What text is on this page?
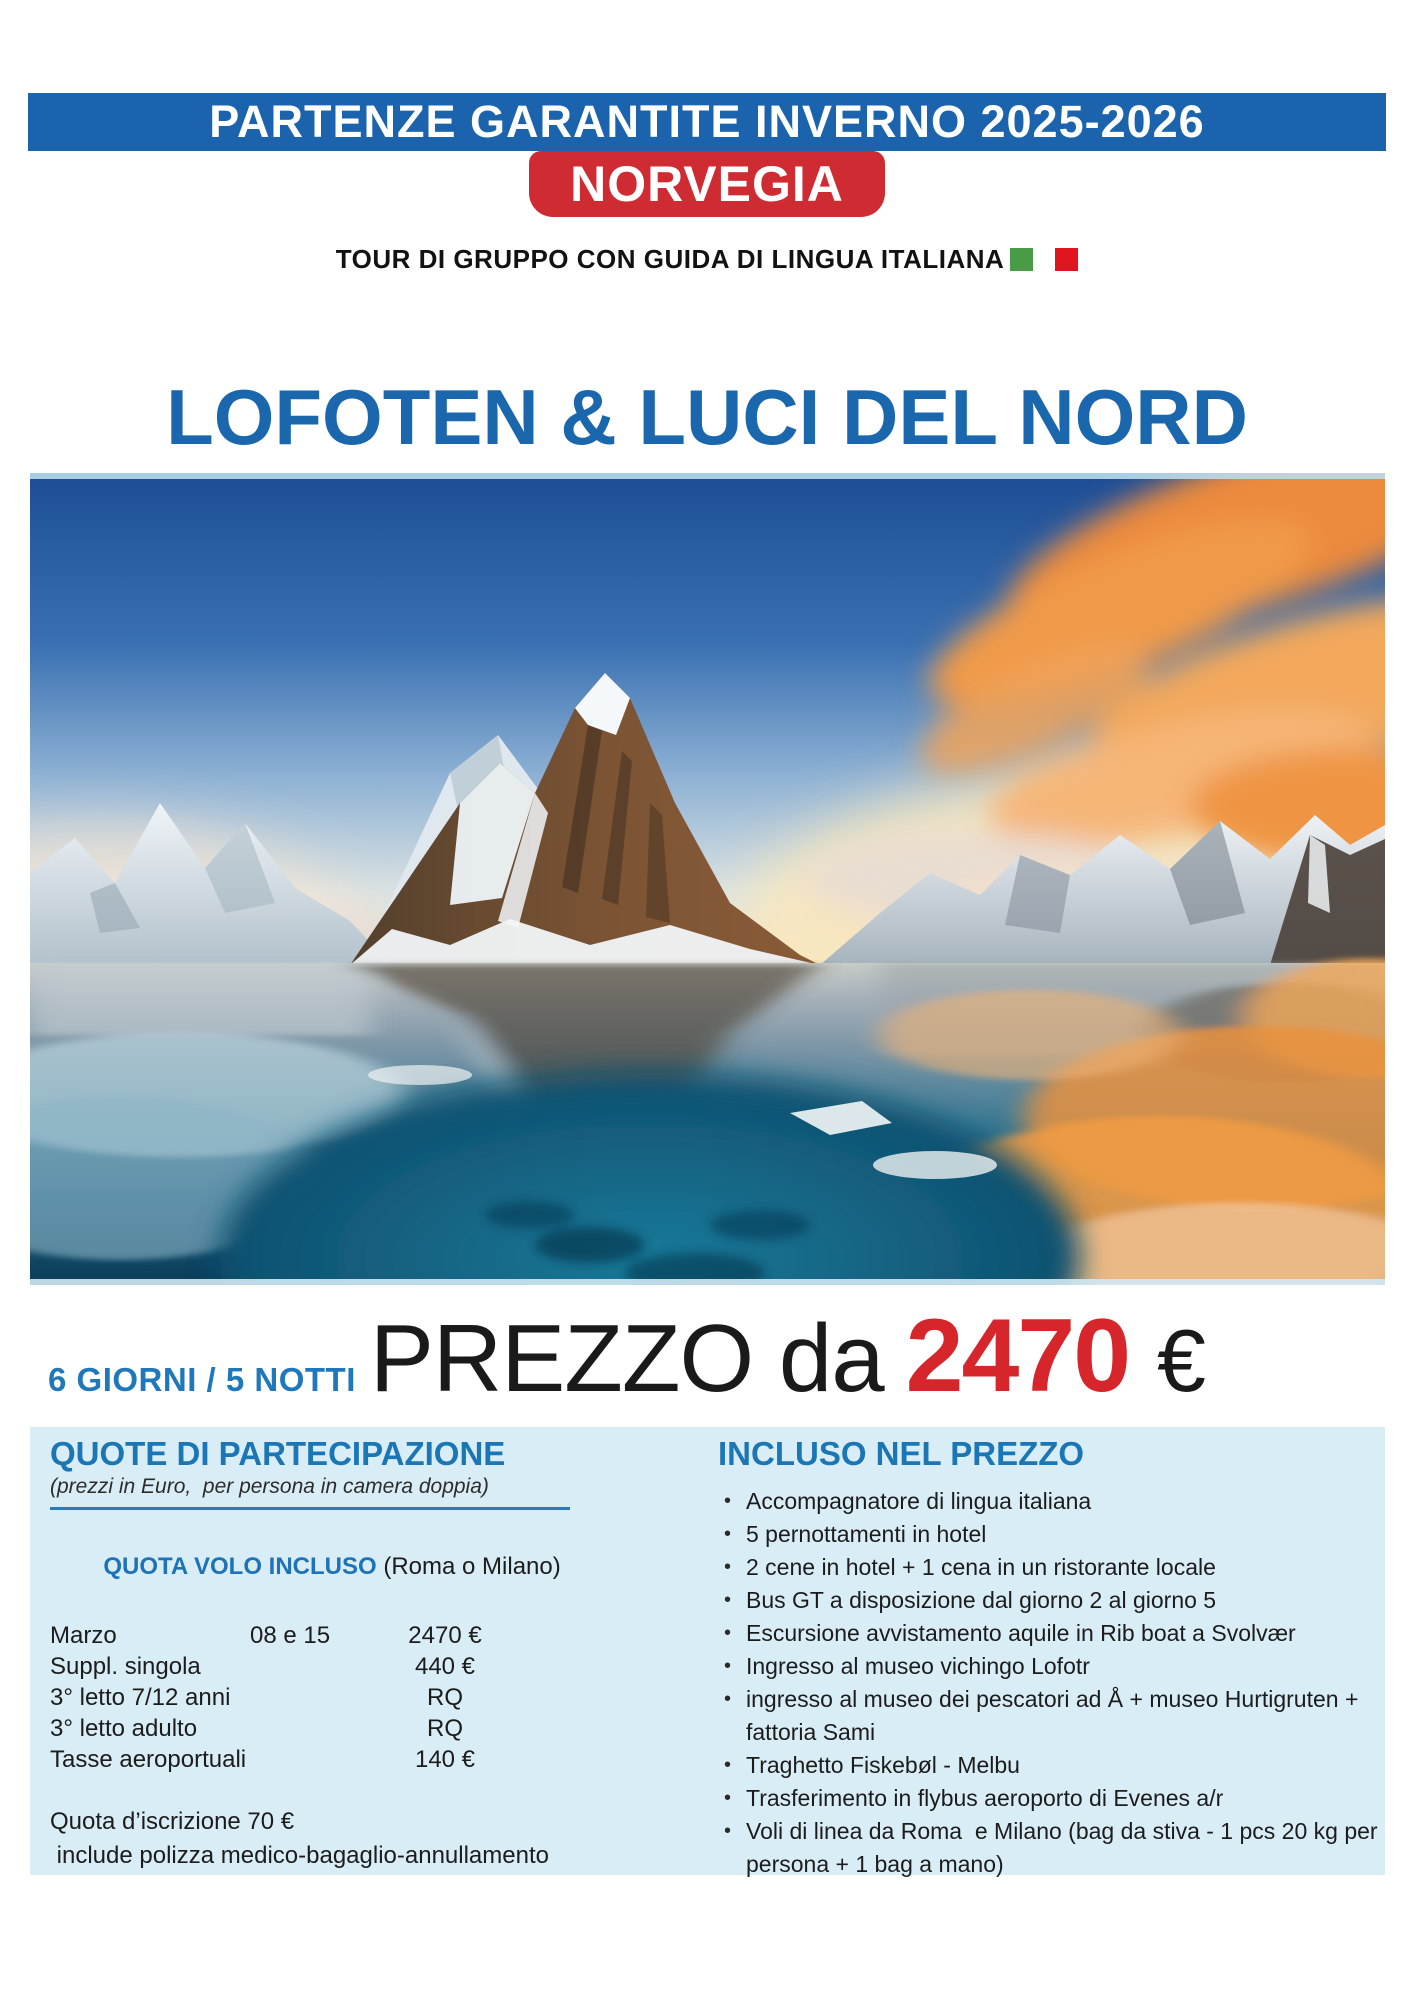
PARTENZE GARANTITE INVERNO 2025-2026
NORVEGIA
TOUR DI GRUPPO CON GUIDA DI LINGUA ITALIANA
LOFOTEN & LUCI DEL NORD
6 GIORNI / 5 NOTTI PREZZO da 2470 €
QUOTE DI PARTECIPAZIONE
(prezzi in Euro,  per persona in camera doppia)

QUOTA VOLO INCLUSO (Roma o Milano)

Marzo	08 e 15	2470 €
Suppl. singola	440 €
3° letto 7/12 anni	RQ
3° letto adulto	RQ
Tasse aeroportuali	140 €
Quota d’iscrizione 70 €
include polizza medico-bagaglio-annullamento
INCLUSO NEL PREZZO
• Accompagnatore di lingua italiana
• 5 pernottamenti in hotel
• 2 cene in hotel + 1 cena in un ristorante locale
• Bus GT a disposizione dal giorno 2 al giorno 5
• Escursione avvistamento aquile in Rib boat a Svolvær
• Ingresso al museo vichingo Lofotr
• ingresso al museo dei pescatori ad Å + museo Hurtigruten + fattoria Sami
• Traghetto Fiskebøl - Melbu
• Trasferimento in flybus aeroporto di Evenes a/r
• Voli di linea da Roma  e Milano (bag da stiva - 1 pcs 20 kg per persona + 1 bag a mano)
